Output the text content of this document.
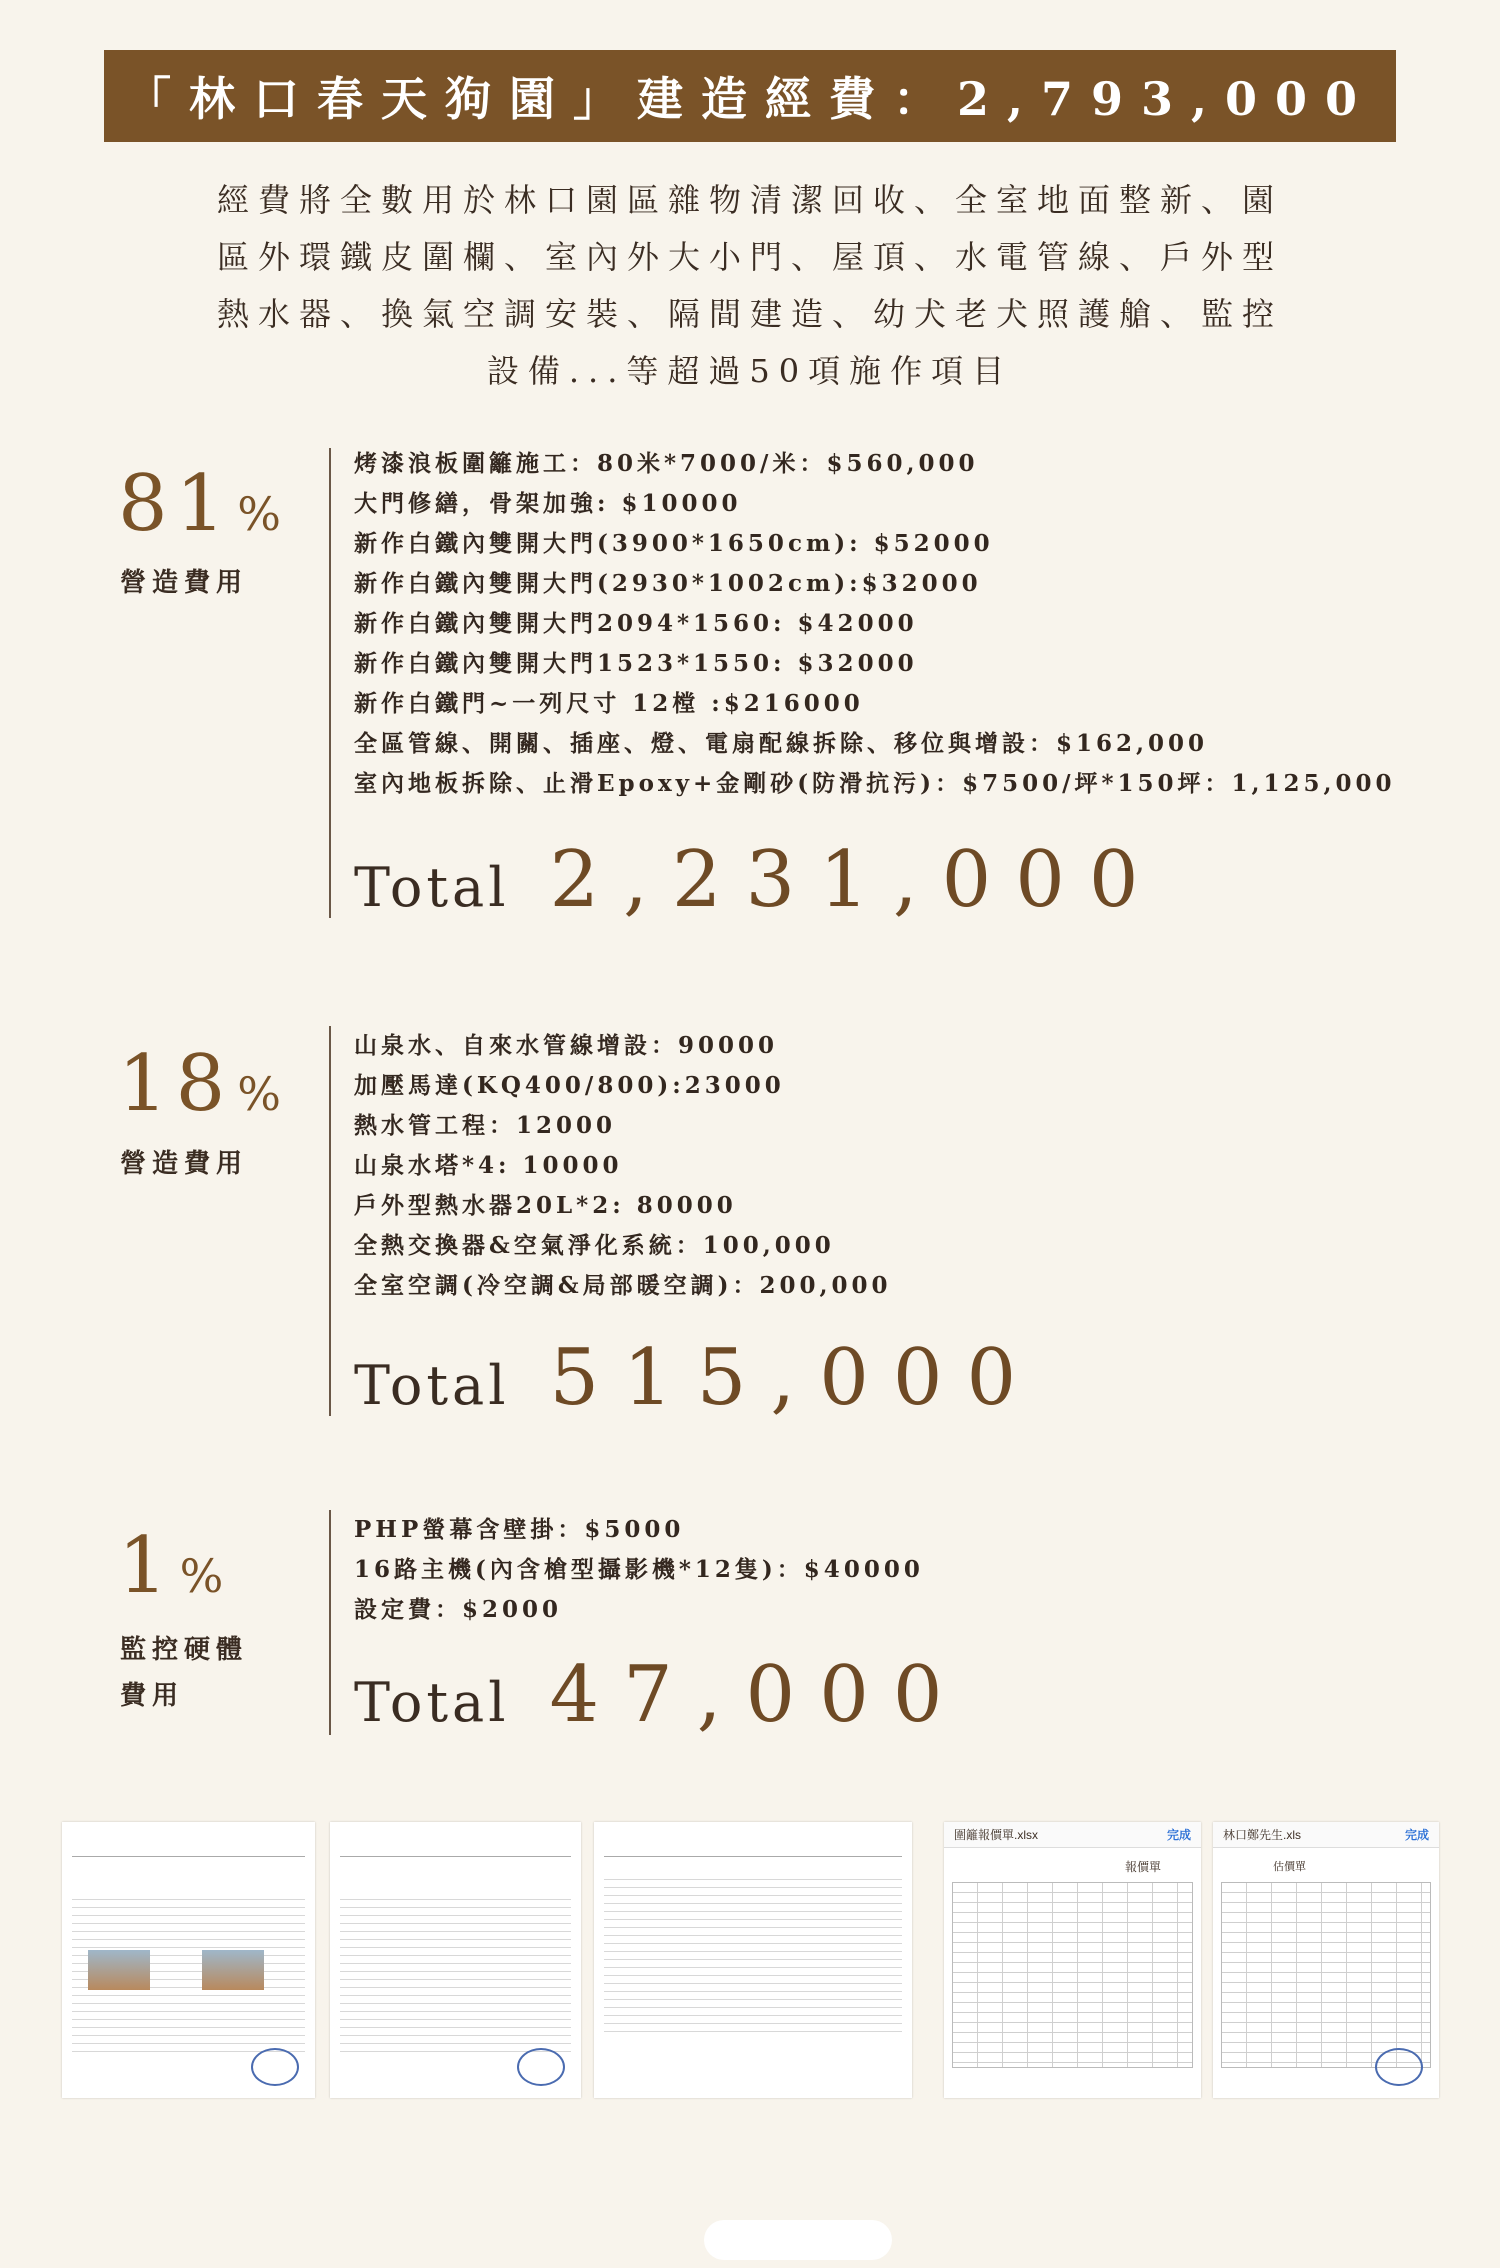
「林口春天狗園」建造經費：2,793,000
經費將全數用於林口園區雜物清潔回收、全室地面整新、園
區外環鐵皮圍欄、室內外大小門、屋頂、水電管線、戶外型
熱水器、換氣空調安裝、隔間建造、幼犬老犬照護艙、監控
設備...等超過50項施作項目
81%
營造費用
烤漆浪板圍籬施工：80米*7000/米：$560,000
大門修繕，骨架加強: $10000
新作白鐵內雙開大門(3900*1650cm): $52000
新作白鐵內雙開大門(2930*1002cm):$32000
新作白鐵內雙開大門2094*1560: $42000
新作白鐵內雙開大門1523*1550: $32000
新作白鐵門~一列尺寸 12樘 :$216000
全區管線、開關、插座、燈、電扇配線拆除、移位與增設：$162,000
室內地板拆除、止滑Epoxy+金剛砂(防滑抗污)：$7500/坪*150坪：1,125,000
Total 2,231,000
18%
營造費用
山泉水、自來水管線增設：90000
加壓馬達(KQ400/800):23000
熱水管工程：12000
山泉水塔*4: 10000
戶外型熱水器20L*2: 80000
全熱交換器&空氣淨化系統：100,000
全室空調(冷空調&局部暖空調)：200,000
Total 515,000
1%
監控硬體
費用
PHP螢幕含壁掛：$5000
16路主機(內含槍型攝影機*12隻)：$40000
設定費：$2000
Total 47,000
圍籬報價單.xlsx	完成
報價單
林口鄭先生.xls	完成
估價單
